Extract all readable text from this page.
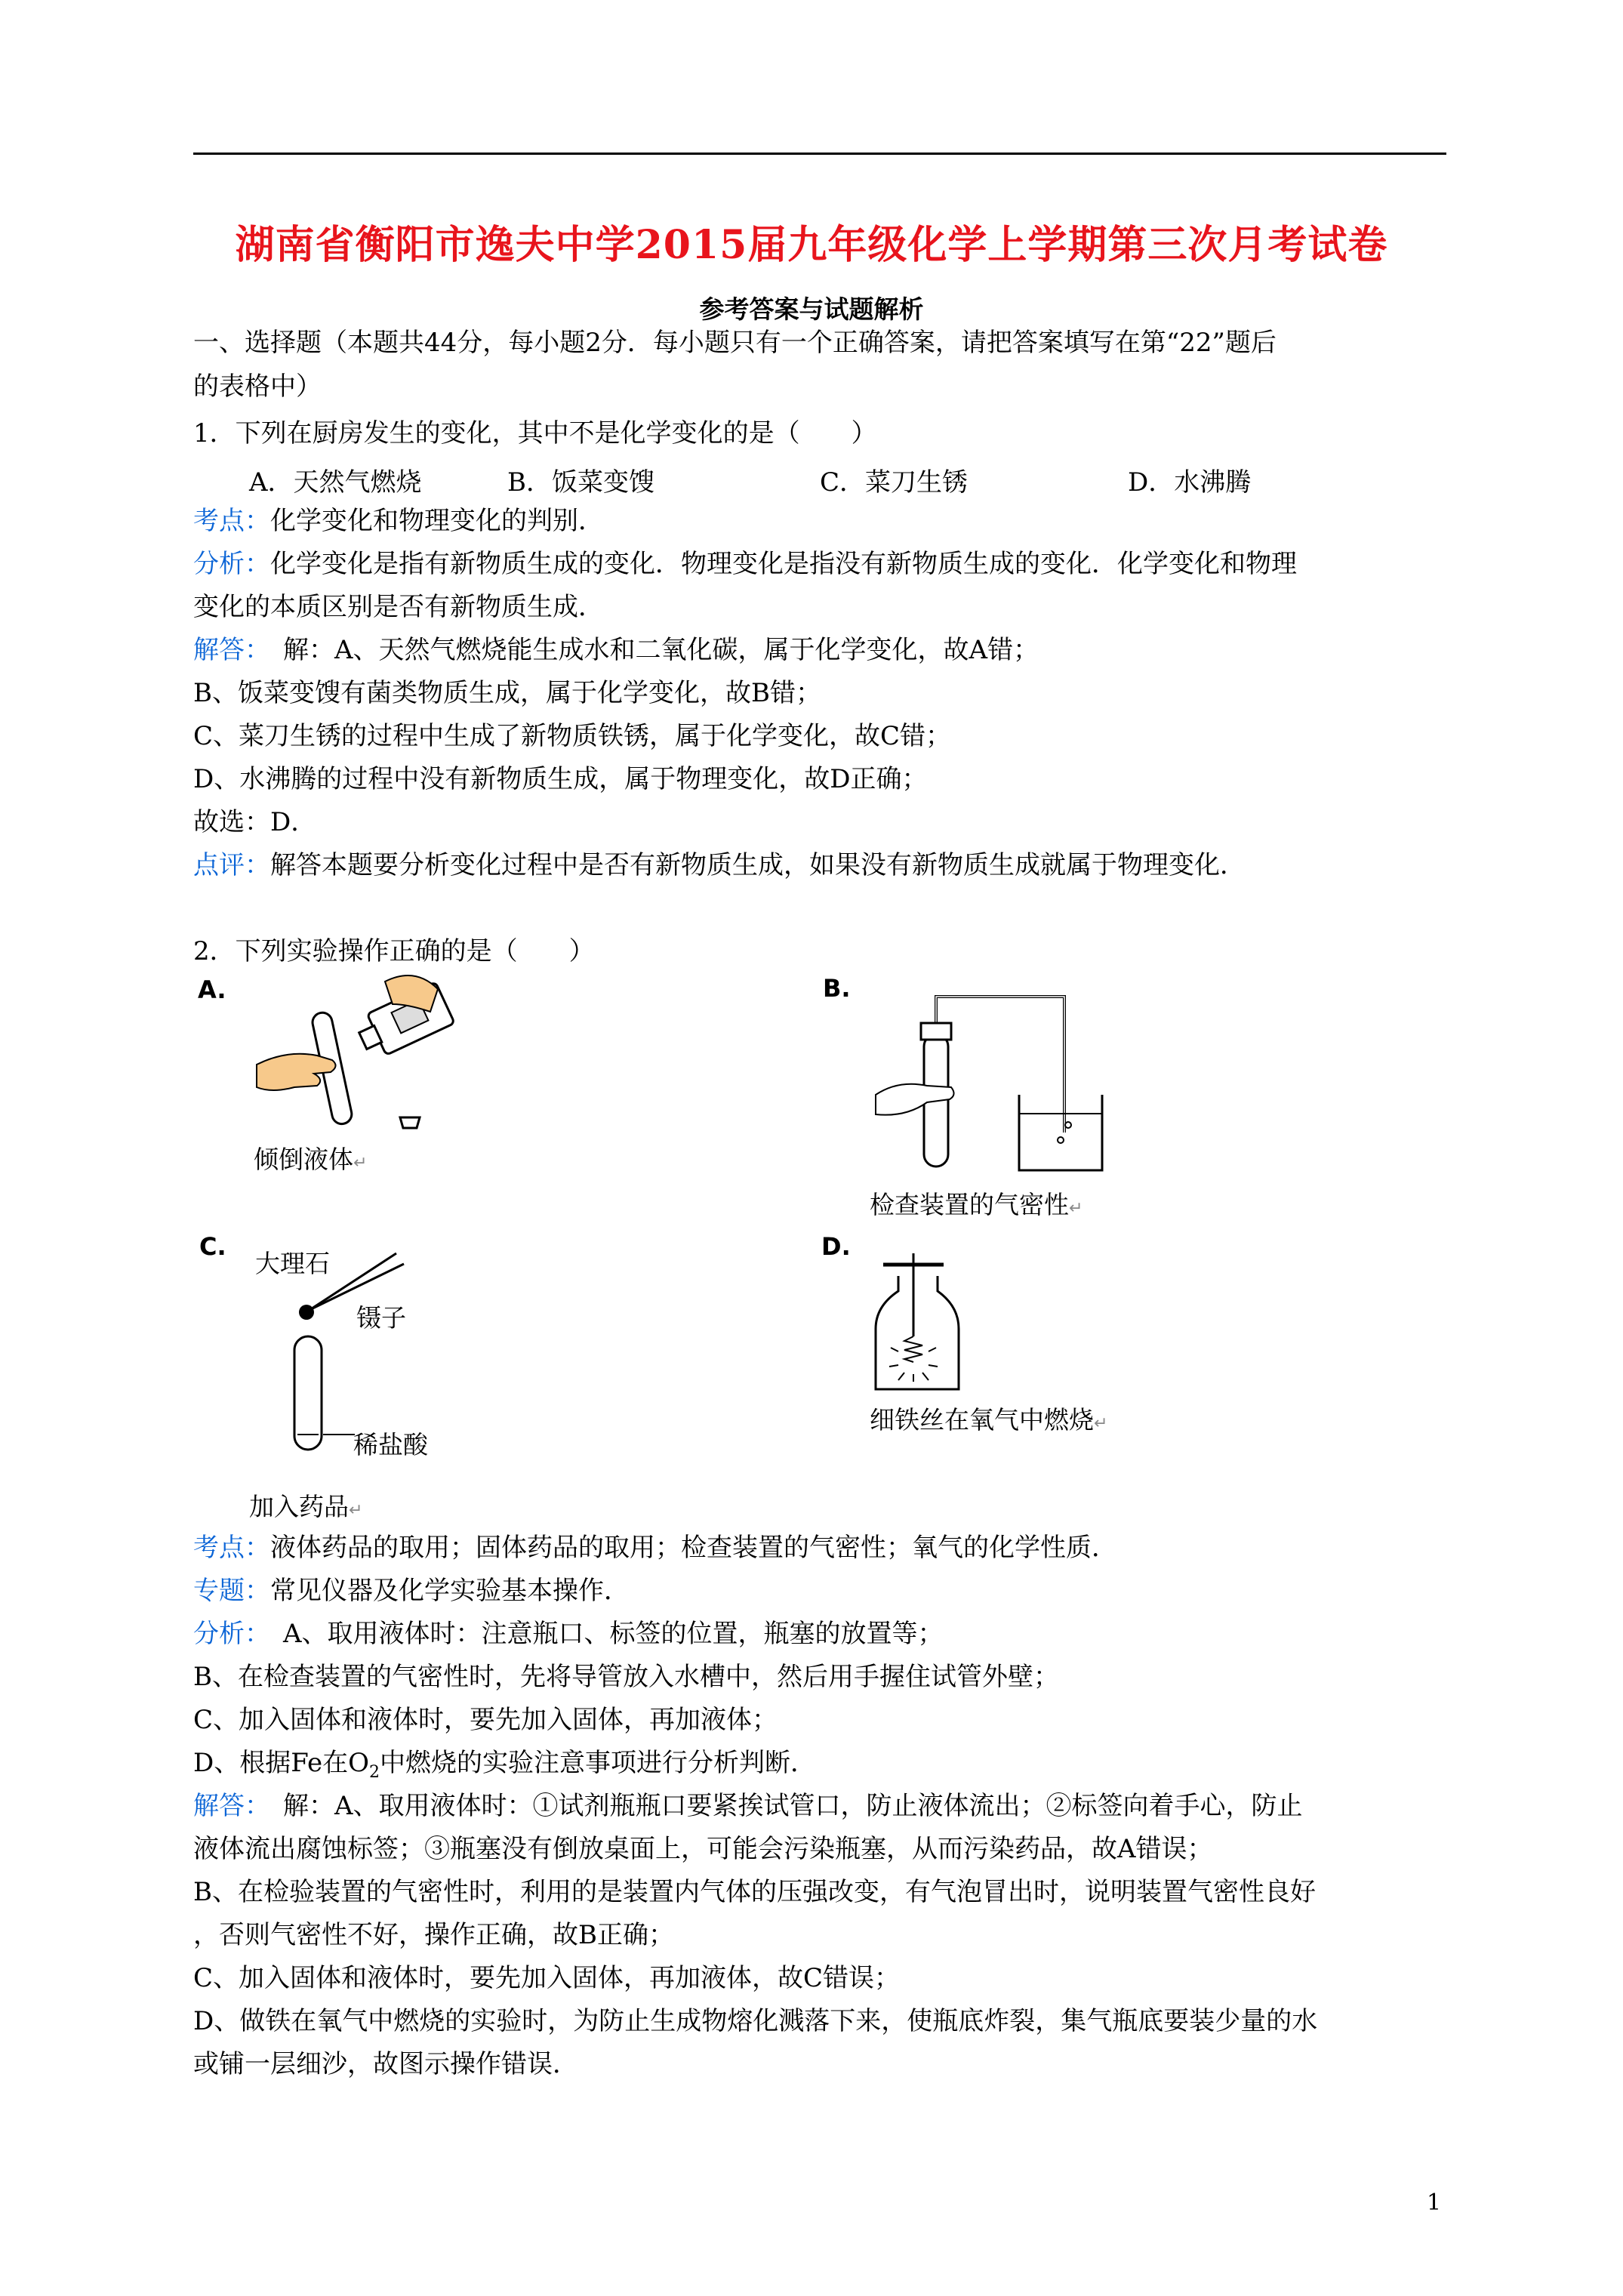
湖南省衡阳市逸夫中学2015届九年级化学上学期第三次月考试卷
参考答案与试题解析
一、选择题（本题共44分，每小题2分．每小题只有一个正确答案，请把答案填写在第“22”题后
的表格中）
1．下列在厨房发生的变化，其中不是化学变化的是（　　）
A．天然气燃烧	B．饭菜变馊	C．菜刀生锈	D．水沸腾
考点：化学变化和物理变化的判别．
分析：化学变化是指有新物质生成的变化．物理变化是指没有新物质生成的变化．化学变化和物理
变化的本质区别是否有新物质生成．
解答：　解：A、天然气燃烧能生成水和二氧化碳，属于化学变化，故A错；
B、饭菜变馊有菌类物质生成，属于化学变化，故B错；
C、菜刀生锈的过程中生成了新物质铁锈，属于化学变化，故C错；
D、水沸腾的过程中没有新物质生成，属于物理变化，故D正确；
故选：D．
点评：解答本题要分析变化过程中是否有新物质生成，如果没有新物质生成就属于物理变化．
2．下列实验操作正确的是（　　）
A.
倾倒液体↵
B.
检查装置的气密性↵
C.
大理石
镊子
稀盐酸
加入药品↵
D.
细铁丝在氧气中燃烧↵
考点：液体药品的取用；固体药品的取用；检查装置的气密性；氧气的化学性质．
专题：常见仪器及化学实验基本操作．
分析：　A、取用液体时：注意瓶口、标签的位置，瓶塞的放置等；
B、在检查装置的气密性时，先将导管放入水槽中，然后用手握住试管外壁；
C、加入固体和液体时，要先加入固体，再加液体；
D、根据Fe在$O_2$中燃烧的实验注意事项进行分析判断．
解答：　解：A、取用液体时：①试剂瓶瓶口要紧挨试管口，防止液体流出；②标签向着手心，防止
液体流出腐蚀标签；③瓶塞没有倒放桌面上，可能会污染瓶塞，从而污染药品，故A错误；
B、在检验装置的气密性时，利用的是装置内气体的压强改变，有气泡冒出时，说明装置气密性良好
，否则气密性不好，操作正确，故B正确；
C、加入固体和液体时，要先加入固体，再加液体，故C错误；
D、做铁在氧气中燃烧的实验时，为防止生成物熔化溅落下来，使瓶底炸裂，集气瓶底要装少量的水
或铺一层细沙，故图示操作错误．
1
